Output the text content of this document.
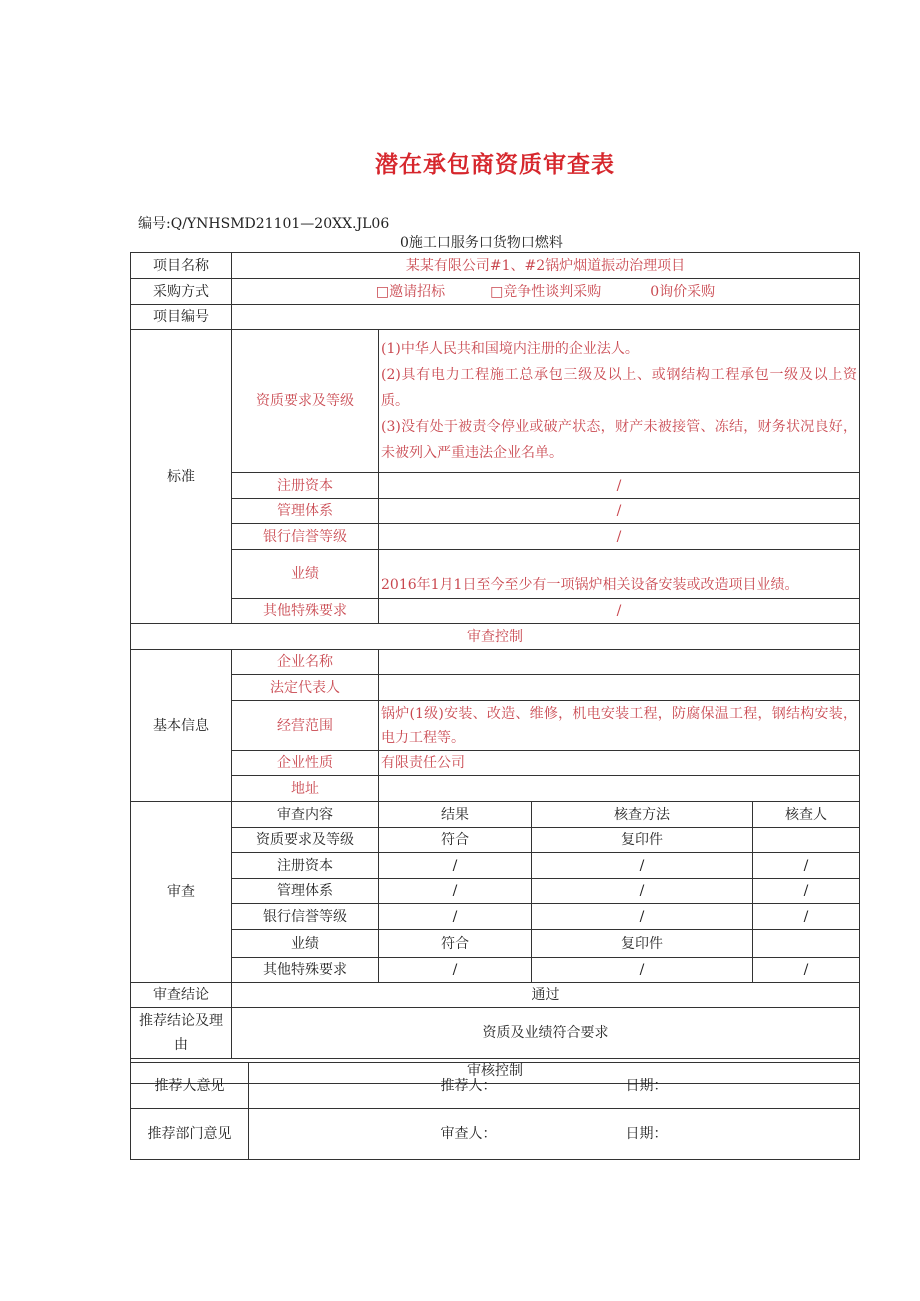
潜在承包商资质审查表
编号:Q/YNHSMD21101—20XX.JL06
0施工口服务口货物口燃料
项目名称	某某有限公司#1、#2锅炉烟道振动治理项目			
采购方式	□邀请招标 □竞争性谈判采购 0询价采购			
项目编号				
标准	资质要求及等级	(1)中华人民共和国境内注册的企业法人。
(2)具有电力工程施工总承包三级及以上、或钢结构工程承包一级及以上资质。
(3)没有处于被责令停业或破产状态，财产未被接管、冻结，财务状况良好，未被列入严重违法企业名单。		

	注册资本	/		
	管理体系	/		
	银行信誉等级	/		
	业绩	2016年1月1日至今至少有一项锅炉相关设备安装或改造项目业绩。		
	其他特殊要求	/		
审查控制				
基本信息	企业名称			
	法定代表人			
	经营范围	锅炉(1级)安装、改造、维修，机电安装工程，防腐保温工程，钢结构安装，电力工程等。		
	企业性质	有限责任公司		
	地址			
审查	审查内容	结果	核查方法	核查人
	资质要求及等级	符合	复印件	
	注册资本	/	/	/
	管理体系	/	/	/
	银行信誉等级	/	/	/
	业绩	符合	复印件	
	其他特殊要求	/	/	/
审查结论	通过			
推荐结论及理由	资质及业绩符合要求			
审核控制				
推荐人意见	推荐人： 日期：
推荐部门意见	审查人： 日期：
